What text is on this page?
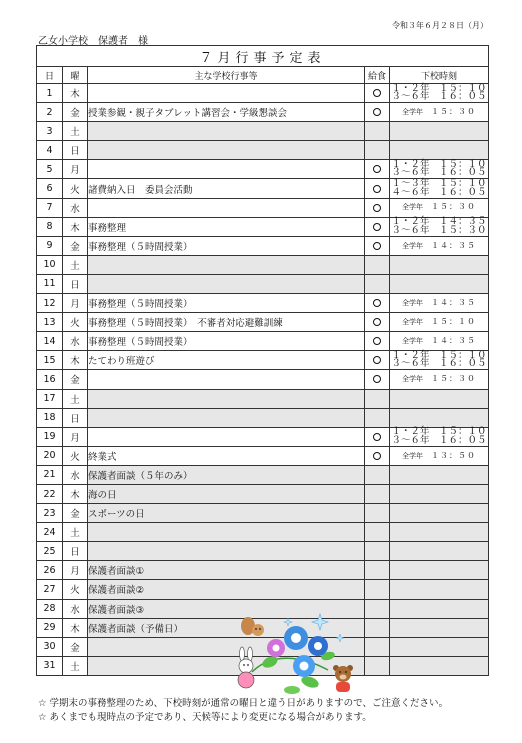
令和３年６月２８日（月）
乙女小学校　保護者　様
７月行事予定表				
日	曜	主な学校行事等	給食	下校時刻
1	木			１・２年　１５：１０
３〜６年　１６：０５

2	金	授業参観・親子タブレット講習会・学級懇談会		全学年 １５：３０

3	土			
4	日			
5	月			１・２年　１５：１０
３〜６年　１６：０５

6	火	諸費納入日　委員会活動		１〜３年　１５：１０
４〜６年　１６：０５

7	水			全学年 １５：３０

8	木	事務整理		１・２年　１４：３５
３〜６年　１５：３０

9	金	事務整理（５時間授業）		全学年 １４：３５

10	土			
11	日			
12	月	事務整理（５時間授業）		全学年 １４：３５

13	火	事務整理（５時間授業）　不審者対応避難訓練		全学年 １５：１０

14	水	事務整理（５時間授業）		全学年 １４：３５

15	木	たてわり班遊び		１・２年　１５：１０
３〜６年　１６：０５

16	金			全学年 １５：３０

17	土			
18	日			
19	月			１・２年　１５：１０
３〜６年　１６：０５

20	火	終業式		全学年 １３：５０

21	水	保護者面談（５年のみ）		
22	木	海の日		
23	金	スポーツの日		
24	土			
25	日			
26	月	保護者面談①		
27	火	保護者面談②		
28	水	保護者面談③		
29	木	保護者面談（予備日）		
30	金			
31	土			
☆ 学期末の事務整理のため、下校時刻が通常の曜日と違う日がありますので、ご注意ください。
☆ あくまでも現時点の予定であり、天候等により変更になる場合があります。
